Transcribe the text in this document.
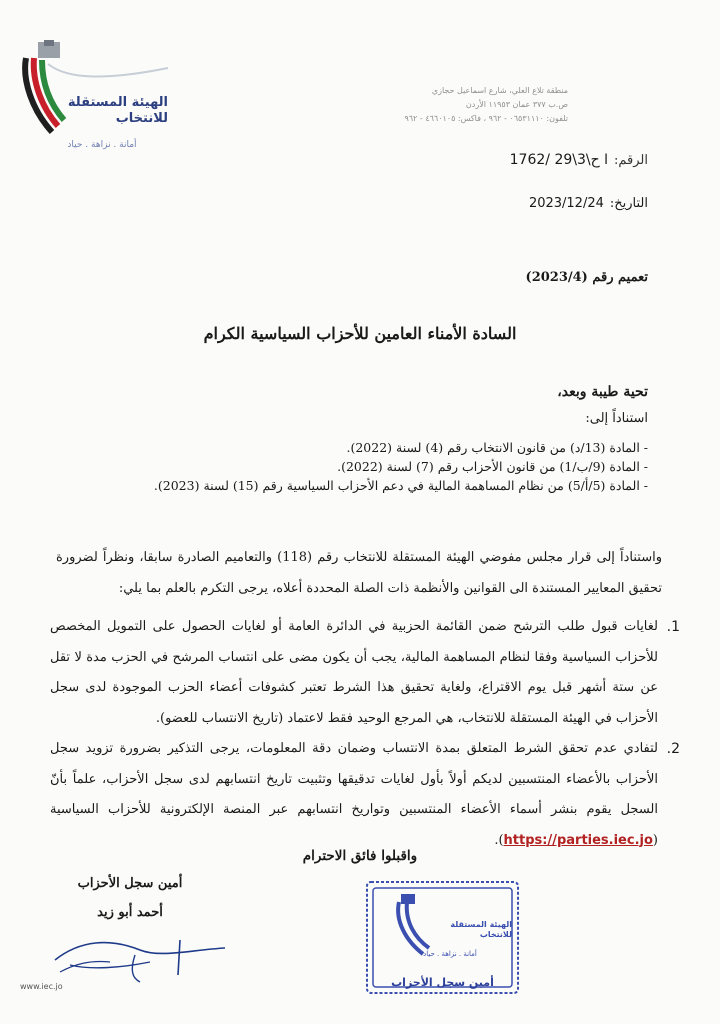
الهيئة المستقلة
للانتخاب
أمانة . نزاهة . حياد
منطقة تلاع العلي، شارع اسماعيل حجازي
ص.ب ٣٧٧ عمان ١١٩٥٣ الأردن
تلفون: ٠٦٥٣١١١٠ - ٩٦٢ ، فاكس: ٤٦٦٠١٠٥ - ٩٦٢
الرقم:
ا ح\3\29 /1762
التاريخ:
2023/12/24
تعميم رقم (2023/4)
السادة الأمناء العامين للأحزاب السياسية الكرام
تحية طيبة وبعد،
استناداً إلى:
- المادة (13/د) من قانون الانتخاب رقم (4) لسنة (2022).
- المادة (9/ب/1) من قانون الأحزاب رقم (7) لسنة (2022).
- المادة (5/أ/5) من نظام المساهمة المالية في دعم الأحزاب السياسية رقم (15) لسنة (2023).
واستناداً إلى قرار مجلس مفوضي الهيئة المستقلة للانتخاب رقم (118) والتعاميم الصادرة سابقا، ونظراً لضرورة تحقيق المعايير المستندة الى القوانين والأنظمة ذات الصلة المحددة أعلاه، يرجى التكرم بالعلم بما يلي:
1.
لغايات قبول طلب الترشح ضمن القائمة الحزبية في الدائرة العامة أو لغايات الحصول على التمويل المخصص للأحزاب السياسية وفقا لنظام المساهمة المالية، يجب أن يكون مضى على انتساب المرشح في الحزب مدة لا تقل عن ستة أشهر قبل يوم الاقتراع، ولغاية تحقيق هذا الشرط تعتبر كشوفات أعضاء الحزب الموجودة لدى سجل الأحزاب في الهيئة المستقلة للانتخاب، هي المرجع الوحيد فقط لاعتماد (تاريخ الانتساب للعضو).
2.
لتفادي عدم تحقق الشرط المتعلق بمدة الانتساب وضمان دقة المعلومات، يرجى التذكير بضرورة تزويد سجل الأحزاب بالأعضاء المنتسبين لديكم أولاً بأول لغايات تدقيقها وتثبيت تاريخ انتسابهم لدى سجل الأحزاب، علماً بأنّ السجل يقوم بنشر أسماء الأعضاء المنتسبين وتواريخ انتسابهم عبر المنصة الإلكترونية للأحزاب السياسية (https://parties.iec.jo).
واقبلوا فائق الاحترام
أمين سجل الأحزاب
أحمد أبو زيد
الهيئة المستقلة
للانتخاب
أمانة . نزاهة . حياد
أمين سجل الأحزاب
www.iec.jo
